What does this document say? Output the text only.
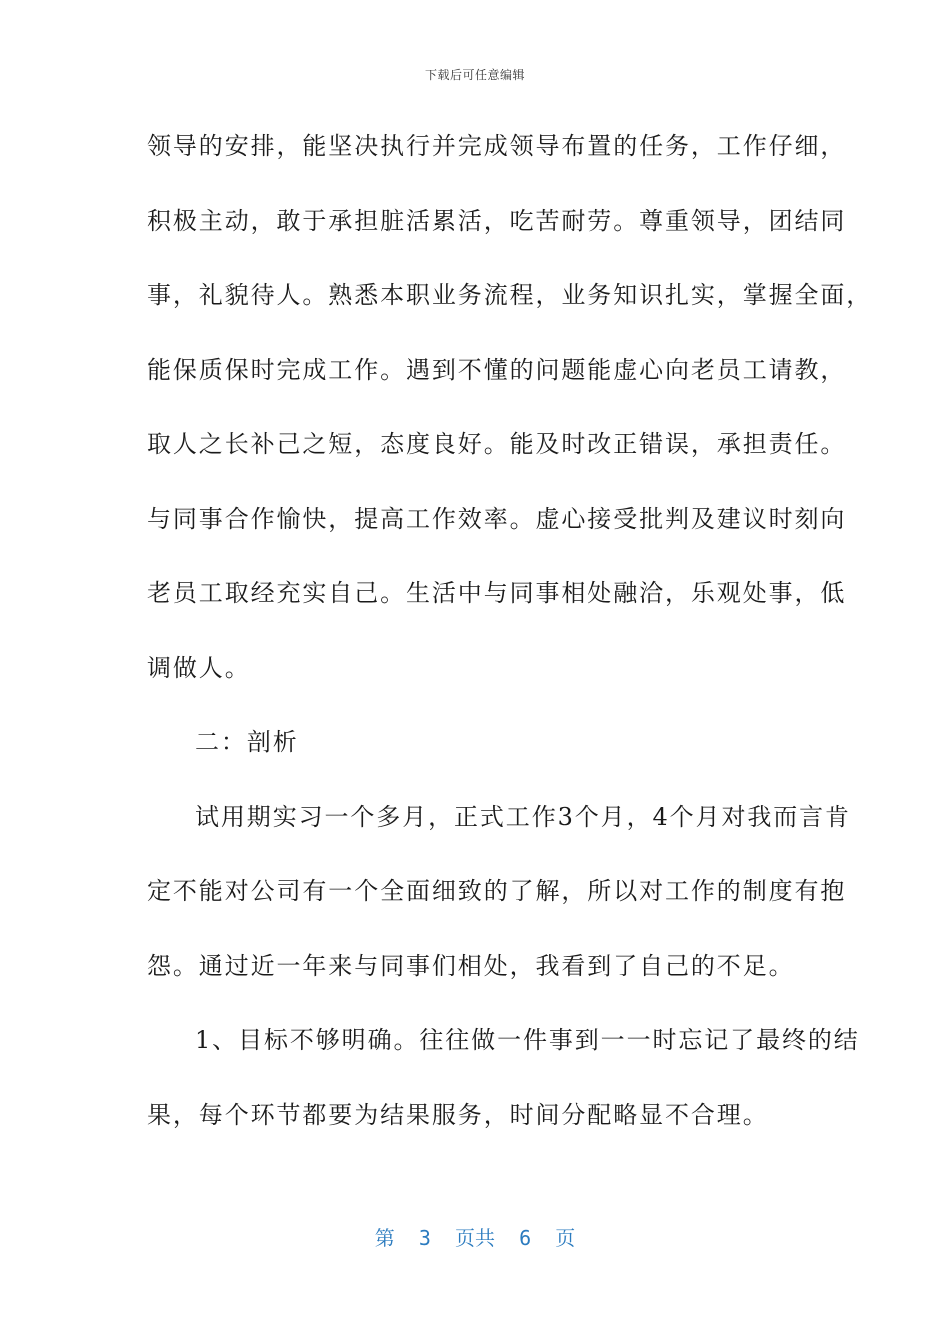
下载后可任意编辑
领导的安排，能坚决执行并完成领导布置的任务，工作仔细，
积极主动，敢于承担脏活累活，吃苦耐劳。尊重领导，团结同
事，礼貌待人。熟悉本职业务流程，业务知识扎实，掌握全面，
能保质保时完成工作。遇到不懂的问题能虚心向老员工请教，
取人之长补己之短，态度良好。能及时改正错误，承担责任。
与同事合作愉快，提高工作效率。虚心接受批判及建议时刻向
老员工取经充实自己。生活中与同事相处融洽，乐观处事，低
调做人。
二：剖析
试用期实习一个多月，正式工作3个月，4个月对我而言肯
定不能对公司有一个全面细致的了解，所以对工作的制度有抱
怨。通过近一年来与同事们相处，我看到了自己的不足。
1、目标不够明确。往往做一件事到一一时忘记了最终的结
果，每个环节都要为结果服务，时间分配略显不合理。
第  3  页共  6  页
